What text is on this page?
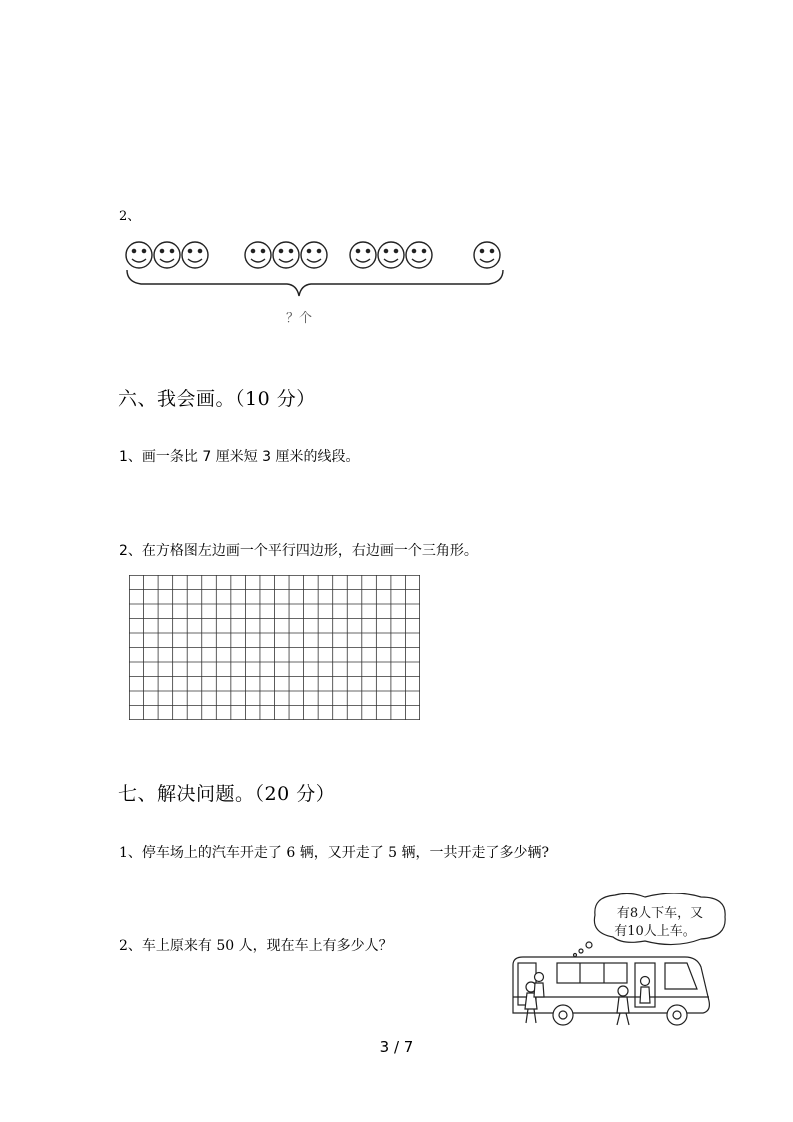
2、
？个
六、我会画。（10 分）
1、画一条比 7 厘米短 3 厘米的线段。
2、在方格图左边画一个平行四边形，右边画一个三角形。
七、解决问题。（20 分）
1、停车场上的汽车开走了 6 辆，又开走了 5 辆，一共开走了多少辆?
2、车上原来有 50 人，现在车上有多少人？
有8人下车，又
有10人上车。
3 / 7
